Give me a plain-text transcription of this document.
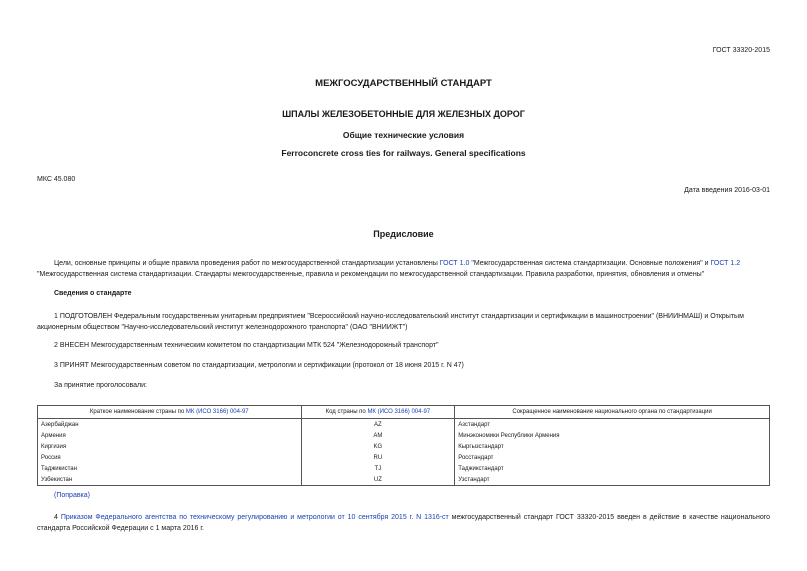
ГОСТ 33320-2015
МЕЖГОСУДАРСТВЕННЫЙ СТАНДАРТ
ШПАЛЫ ЖЕЛЕЗОБЕТОННЫЕ ДЛЯ ЖЕЛЕЗНЫХ ДОРОГ
Общие технические условия
Ferroconcrete cross ties for railways. General specifications
МКС 45.080
Дата введения 2016-03-01
Предисловие
Цели, основные принципы и общие правила проведения работ по межгосударственной стандартизации установлены ГОСТ 1.0 "Межгосударственная система стандартизации. Основные положения" и ГОСТ 1.2 "Межгосударственная система стандартизации. Стандарты межгосударственные, правила и рекомендации по межгосударственной стандартизации. Правила разработки, принятия, обновления и отмены"
Сведения о стандарте
1 ПОДГОТОВЛЕН Федеральным государственным унитарным предприятием "Всероссийский научно-исследовательский институт стандартизации и сертификации в машиностроении" (ВНИИНМАШ) и Открытым акционерным обществом "Научно-исследовательский институт железнодорожного транспорта" (ОАО "ВНИИЖТ")
2 ВНЕСЕН Межгосударственным техническим комитетом по стандартизации МТК 524 "Железнодорожный транспорт"
3 ПРИНЯТ Межгосударственным советом по стандартизации, метрологии и сертификации (протокол от 18 июня 2015 г. N 47)
За принятие проголосовали:
Краткое наименование страны по МК (ИСО 3166) 004-97	Код страны по МК (ИСО 3166) 004-97	Сокращенное наименование национального органа по стандартизации
Азербайджан	AZ	Азстандарт
Армения	AM	Минэкономики Республики Армения
Киргизия	KG	Кыргызстандарт
Россия	RU	Росстандарт
Таджикистан	TJ	Таджикстандарт
Узбекистан	UZ	Узстандарт
(Поправка)
4 Приказом Федерального агентства по техническому регулированию и метрологии от 10 сентября 2015 г. N 1316-ст межгосударственный стандарт ГОСТ 33320-2015 введен в действие в качестве национального стандарта Российской Федерации с 1 марта 2016 г.
